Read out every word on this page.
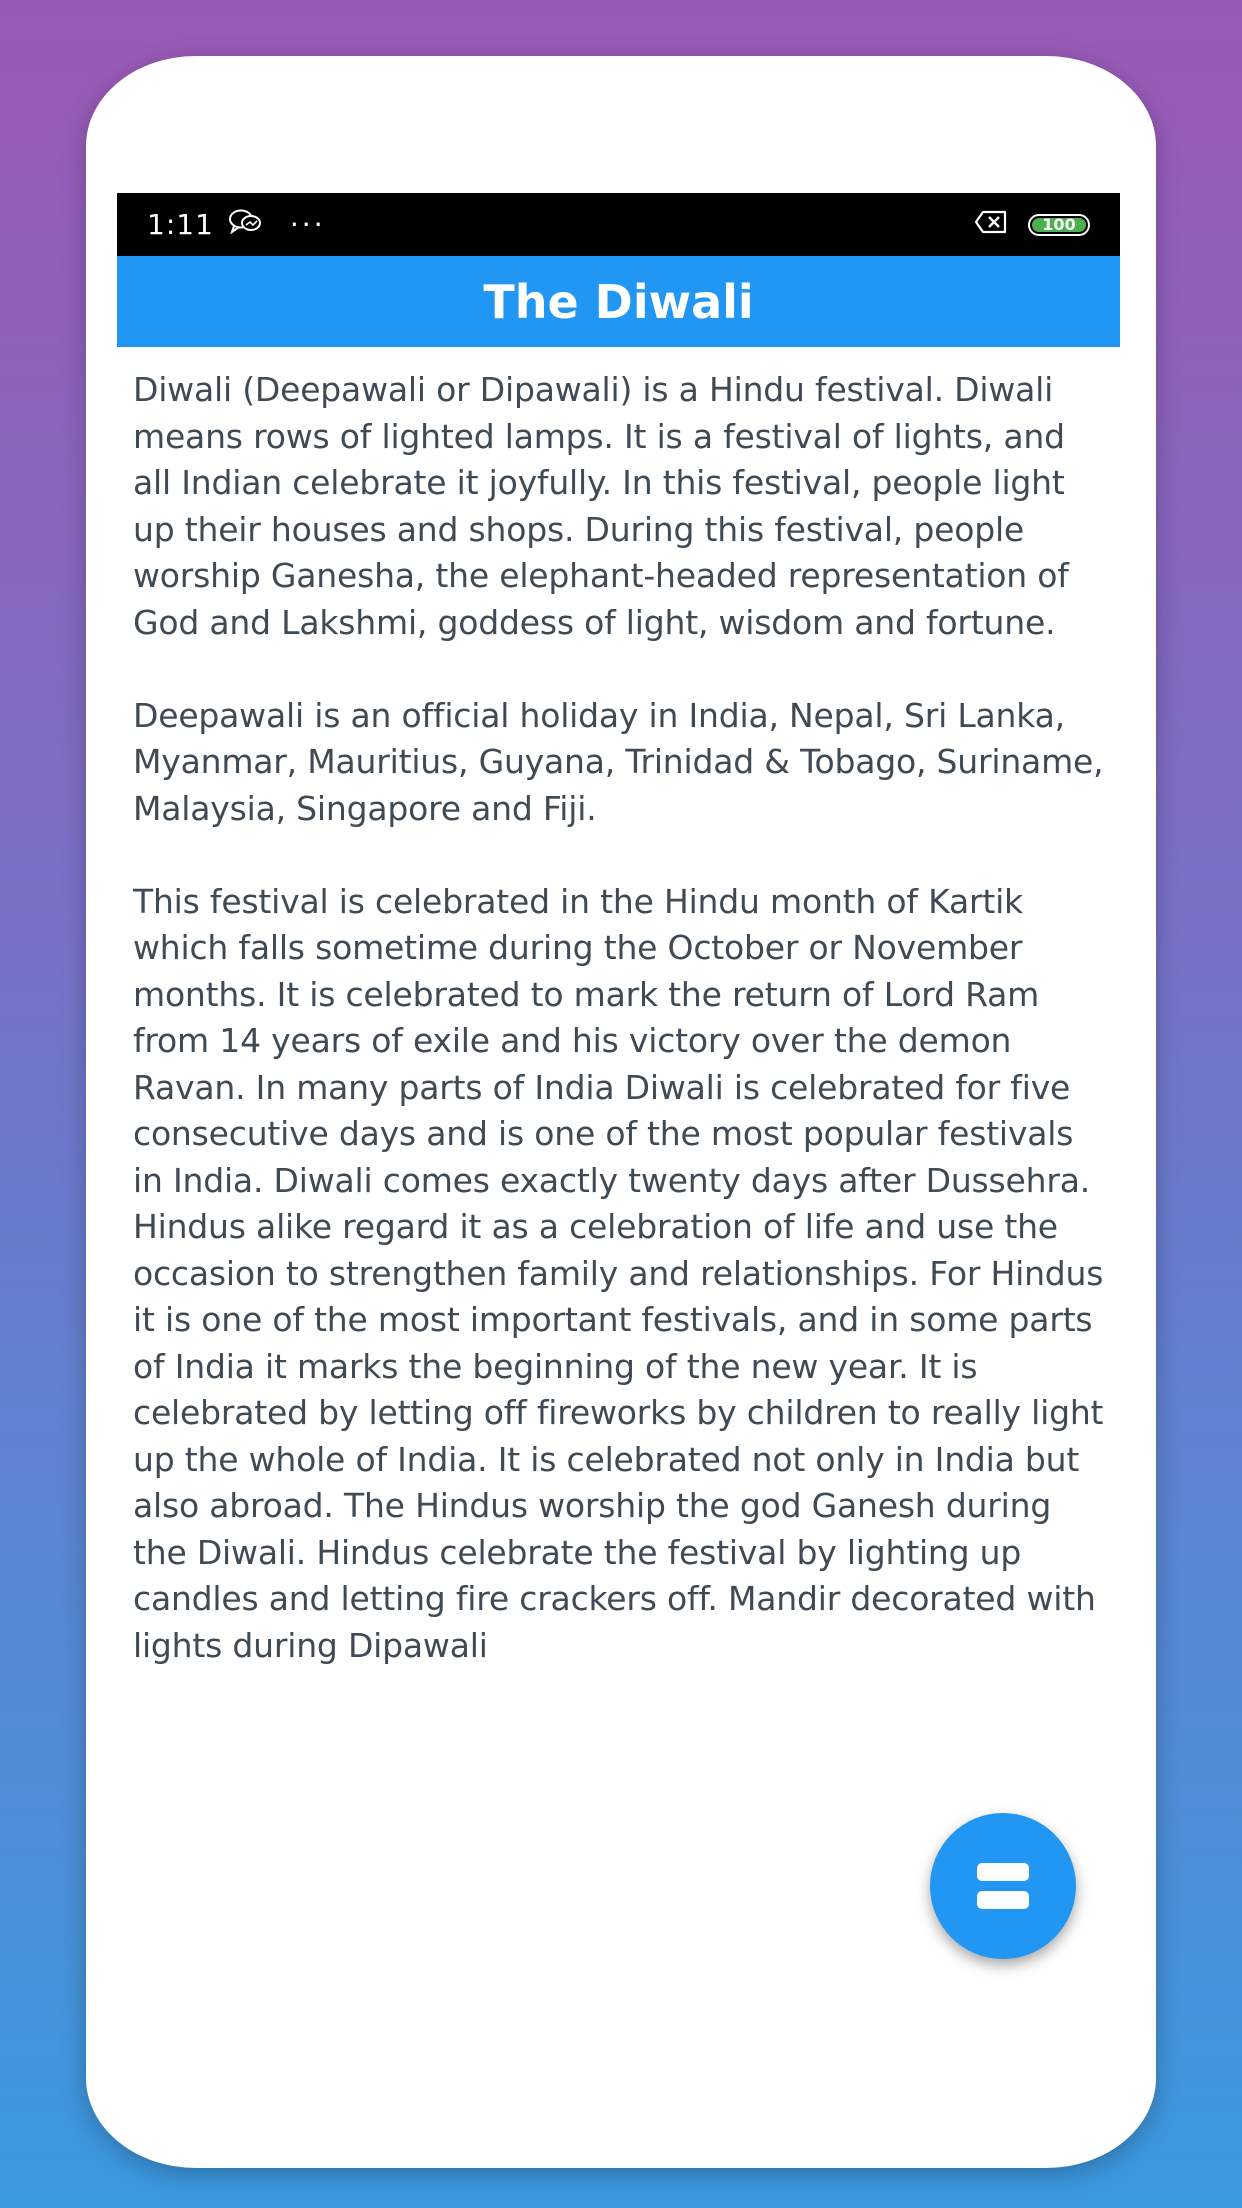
1:11	···	100
The Diwali

Diwali (Deepawali or Dipawali) is a Hindu festival. Diwali means rows of lighted lamps. It is a festival of lights, and all Indian celebrate it joyfully. In this festival, people light up their houses and shops. During this festival, people worship Ganesha, the elephant-headed representation of God and Lakshmi, goddess of light, wisdom and fortune.

Deepawali is an official holiday in India, Nepal, Sri Lanka, Myanmar, Mauritius, Guyana, Trinidad & Tobago, Suriname, Malaysia, Singapore and Fiji.

This festival is celebrated in the Hindu month of Kartik which falls sometime during the October or November months. It is celebrated to mark the return of Lord Ram from 14 years of exile and his victory over the demon Ravan. In many parts of India Diwali is celebrated for five consecutive days and is one of the most popular festivals in India. Diwali comes exactly twenty days after Dussehra. Hindus alike regard it as a celebration of life and use the occasion to strengthen family and relationships. For Hindus it is one of the most important festivals, and in some parts of India it marks the beginning of the new year. It is celebrated by letting off fireworks by children to really light up the whole of India. It is celebrated not only in India but also abroad. The Hindus worship the god Ganesh during the Diwali. Hindus celebrate the festival by lighting up candles and letting fire crackers off. Mandir decorated with lights during Dipawali
